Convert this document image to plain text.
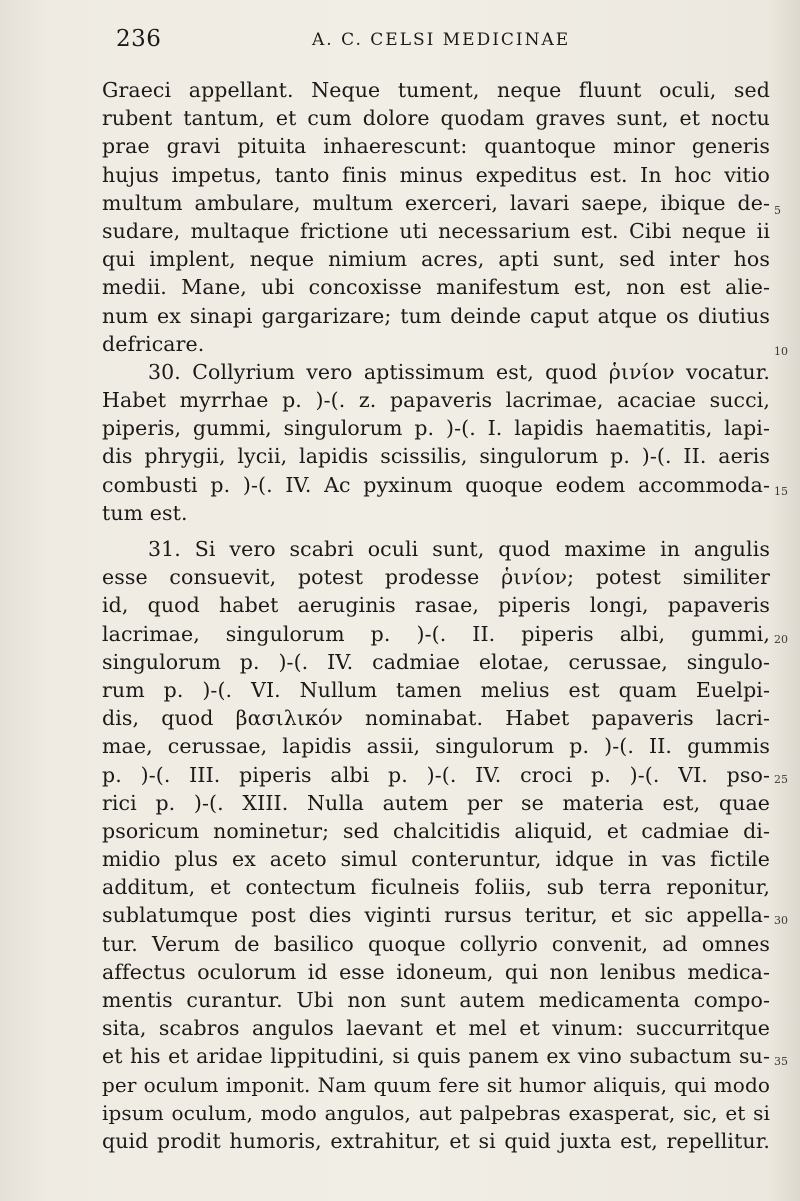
236	A. C. CELSI MEDICINAE
Graeci appellant. Neque tument, neque fluunt oculi, sed
rubent tantum, et cum dolore quodam graves sunt, et noctu
prae gravi pituita inhaerescunt: quantoque minor generis
hujus impetus, tanto finis minus expeditus est. In hoc vitio
multum ambulare, multum exerceri, lavari saepe, ibique de-
sudare, multaque frictione uti necessarium est. Cibi neque ii
qui implent, neque nimium acres, apti sunt, sed inter hos
medii. Mane, ubi concoxisse manifestum est, non est alie-
num ex sinapi gargarizare; tum deinde caput atque os diutius
defricare.
30. Collyrium vero aptissimum est, quod ῥινίον vocatur.
Habet myrrhae p. )-(. z. papaveris lacrimae, acaciae succi,
piperis, gummi, singulorum p. )-(. I. lapidis haematitis, lapi-
dis phrygii, lycii, lapidis scissilis, singulorum p. )-(. II. aeris
combusti p. )-(. IV. Ac pyxinum quoque eodem accommoda-
tum est.
31. Si vero scabri oculi sunt, quod maxime in angulis
esse consuevit, potest prodesse ῥινίον; potest similiter
id, quod habet aeruginis rasae, piperis longi, papaveris
lacrimae, singulorum p. )-(. II. piperis albi, gummi,
singulorum p. )-(. IV. cadmiae elotae, cerussae, singulo-
rum p. )-(. VI. Nullum tamen melius est quam Euelpi-
dis, quod βασιλικόν nominabat. Habet papaveris lacri-
mae, cerussae, lapidis assii, singulorum p. )-(. II. gummis
p. )-(. III. piperis albi p. )-(. IV. croci p. )-(. VI. pso-
rici p. )-(. XIII. Nulla autem per se materia est, quae
psoricum nominetur; sed chalcitidis aliquid, et cadmiae di-
midio plus ex aceto simul conteruntur, idque in vas fictile
additum, et contectum ficulneis foliis, sub terra reponitur,
sublatumque post dies viginti rursus teritur, et sic appella-
tur. Verum de basilico quoque collyrio convenit, ad omnes
affectus oculorum id esse idoneum, qui non lenibus medica-
mentis curantur. Ubi non sunt autem medicamenta compo-
sita, scabros angulos laevant et mel et vinum: succurritque
et his et aridae lippitudini, si quis panem ex vino subactum su-
per oculum imponit. Nam quum fere sit humor aliquis, qui modo
ipsum oculum, modo angulos, aut palpebras exasperat, sic, et si
quid prodit humoris, extrahitur, et si quid juxta est, repellitur.
5
10
15
20
25
30
35
